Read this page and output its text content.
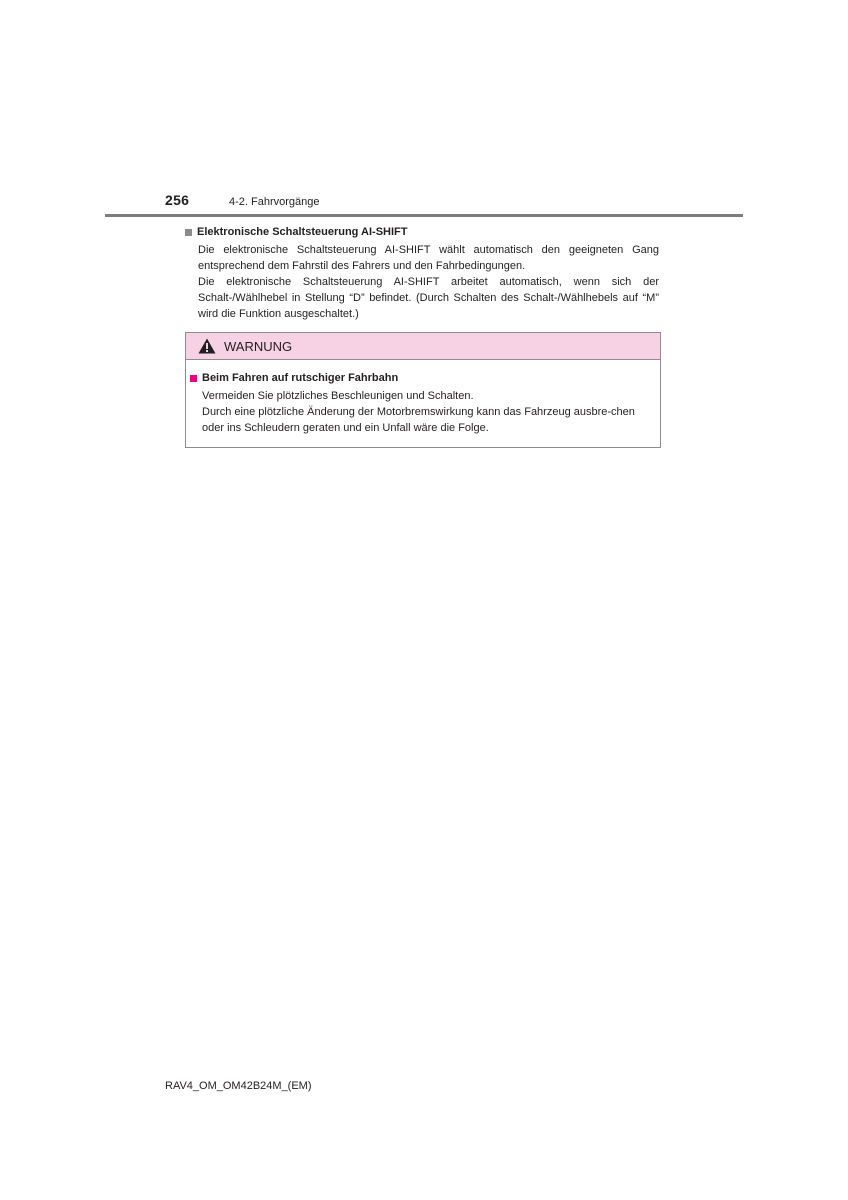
256	4-2. Fahrvorgänge
Elektronische Schaltsteuerung AI-SHIFT
Die elektronische Schaltsteuerung AI-SHIFT wählt automatisch den geeigneten Gang entsprechend dem Fahrstil des Fahrers und den Fahrbedingungen.
Die elektronische Schaltsteuerung AI-SHIFT arbeitet automatisch, wenn sich der Schalt-/Wählhebel in Stellung “D” befindet. (Durch Schalten des Schalt-/Wählhebels auf “M” wird die Funktion ausgeschaltet.)
WARNUNG
Beim Fahren auf rutschiger Fahrbahn
Vermeiden Sie plötzliches Beschleunigen und Schalten.
Durch eine plötzliche Änderung der Motorbremswirkung kann das Fahrzeug ausbre-chen oder ins Schleudern geraten und ein Unfall wäre die Folge.
RAV4_OM_OM42B24M_(EM)
